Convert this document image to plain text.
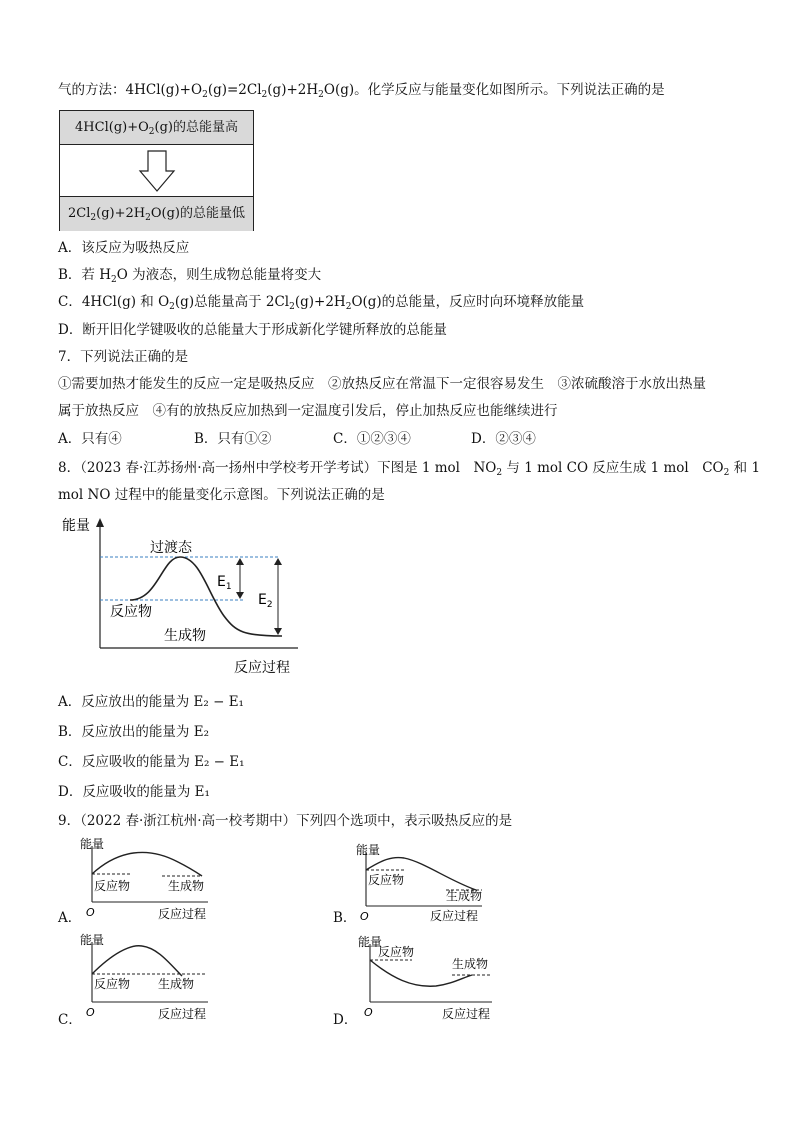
气的方法：$4HCl(g)+O_2(g)=2Cl_2(g)+2H_2O(g)$。化学反应与能量变化如图所示。下列说法正确的是
$4HCl(g)+O_2(g)$的总能量高
$2Cl_2(g)+2H_2O(g)$的总能量低
A．该反应为吸热反应
B．若 $H_2O$ 为液态，则生成物总能量将变大
C．4HCl(g) 和 $O_2(g)$总能量高于 $2Cl_2(g)+2H_2O(g)$的总能量，反应时向环境释放能量
D．断开旧化学键吸收的总能量大于形成新化学键所释放的总能量
7．下列说法正确的是
①需要加热才能发生的反应一定是吸热反应　②放热反应在常温下一定很容易发生　③浓硫酸溶于水放出热量
属于放热反应　④有的放热反应加热到一定温度引发后，停止加热反应也能继续进行
A．只有④	B．只有①②	C．①②③④	D．②③④
8．（2023 春·江苏扬州·高一扬州中学校考开学考试）下图是 1 mol　$NO_2$ 与 1 mol CO 反应生成 1 mol　$CO_2$ 和 1
mol NO 过程中的能量变化示意图。下列说法正确的是
能量
反应过程
过渡态
反应物
生成物
$E_1$
$E_2$
A．反应放出的能量为 E₂ − E₁
B．反应放出的能量为 E₂
C．反应吸收的能量为 E₂ − E₁
D．反应吸收的能量为 E₁
9．（2022 春·浙江杭州·高一校考期中）下列四个选项中，表示吸热反应的是
A．
能量
O	反应过程
反应物	生成物
B．
能量
O	反应过程
反应物
生成物
C．
能量
O	反应过程
反应物 生成物
D．
能量
O	反应过程
反应物
生成物
